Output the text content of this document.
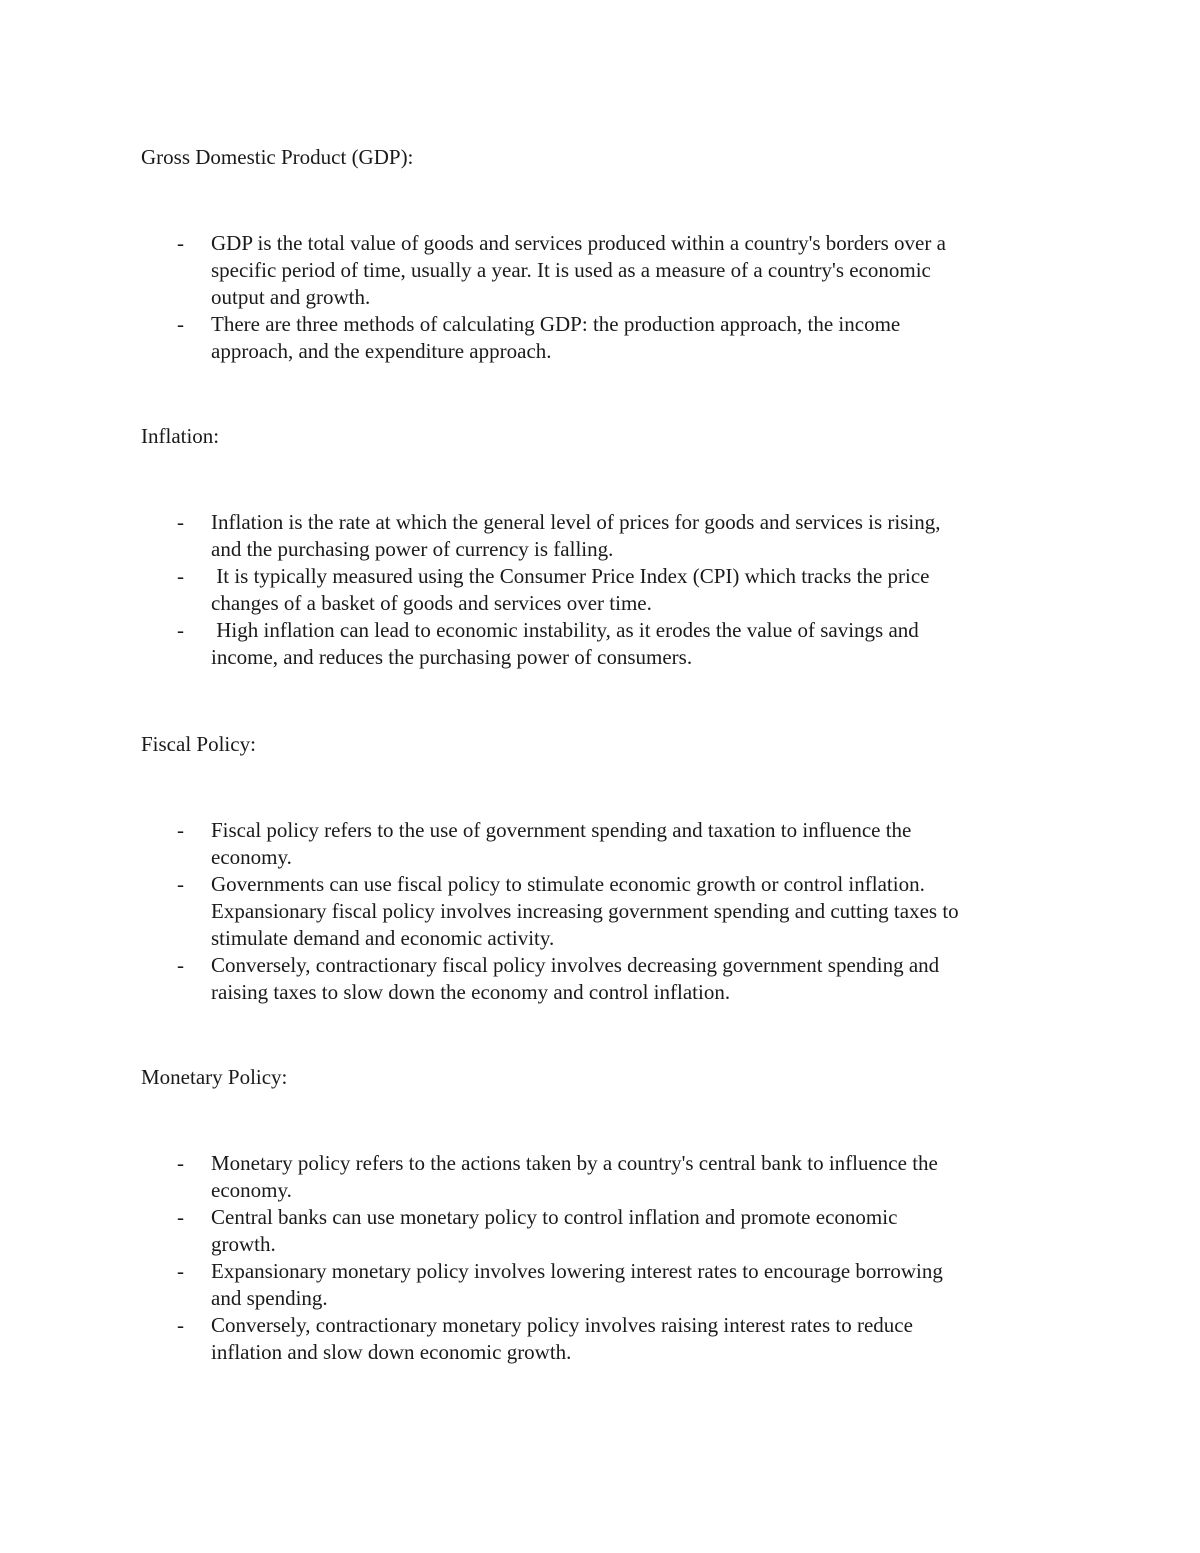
Gross Domestic Product (GDP):
- GDP is the total value of goods and services produced within a country's borders over a
specific period of time, usually a year. It is used as a measure of a country's economic
output and growth.
- There are three methods of calculating GDP: the production approach, the income
approach, and the expenditure approach.
Inflation:
- Inflation is the rate at which the general level of prices for goods and services is rising,
and the purchasing power of currency is falling.
- It is typically measured using the Consumer Price Index (CPI) which tracks the price
changes of a basket of goods and services over time.
- High inflation can lead to economic instability, as it erodes the value of savings and
income, and reduces the purchasing power of consumers.
Fiscal Policy:
- Fiscal policy refers to the use of government spending and taxation to influence the
economy.
- Governments can use fiscal policy to stimulate economic growth or control inflation.
Expansionary fiscal policy involves increasing government spending and cutting taxes to
stimulate demand and economic activity.
- Conversely, contractionary fiscal policy involves decreasing government spending and
raising taxes to slow down the economy and control inflation.
Monetary Policy:
- Monetary policy refers to the actions taken by a country's central bank to influence the
economy.
- Central banks can use monetary policy to control inflation and promote economic
growth.
- Expansionary monetary policy involves lowering interest rates to encourage borrowing
and spending.
- Conversely, contractionary monetary policy involves raising interest rates to reduce
inflation and slow down economic growth.
